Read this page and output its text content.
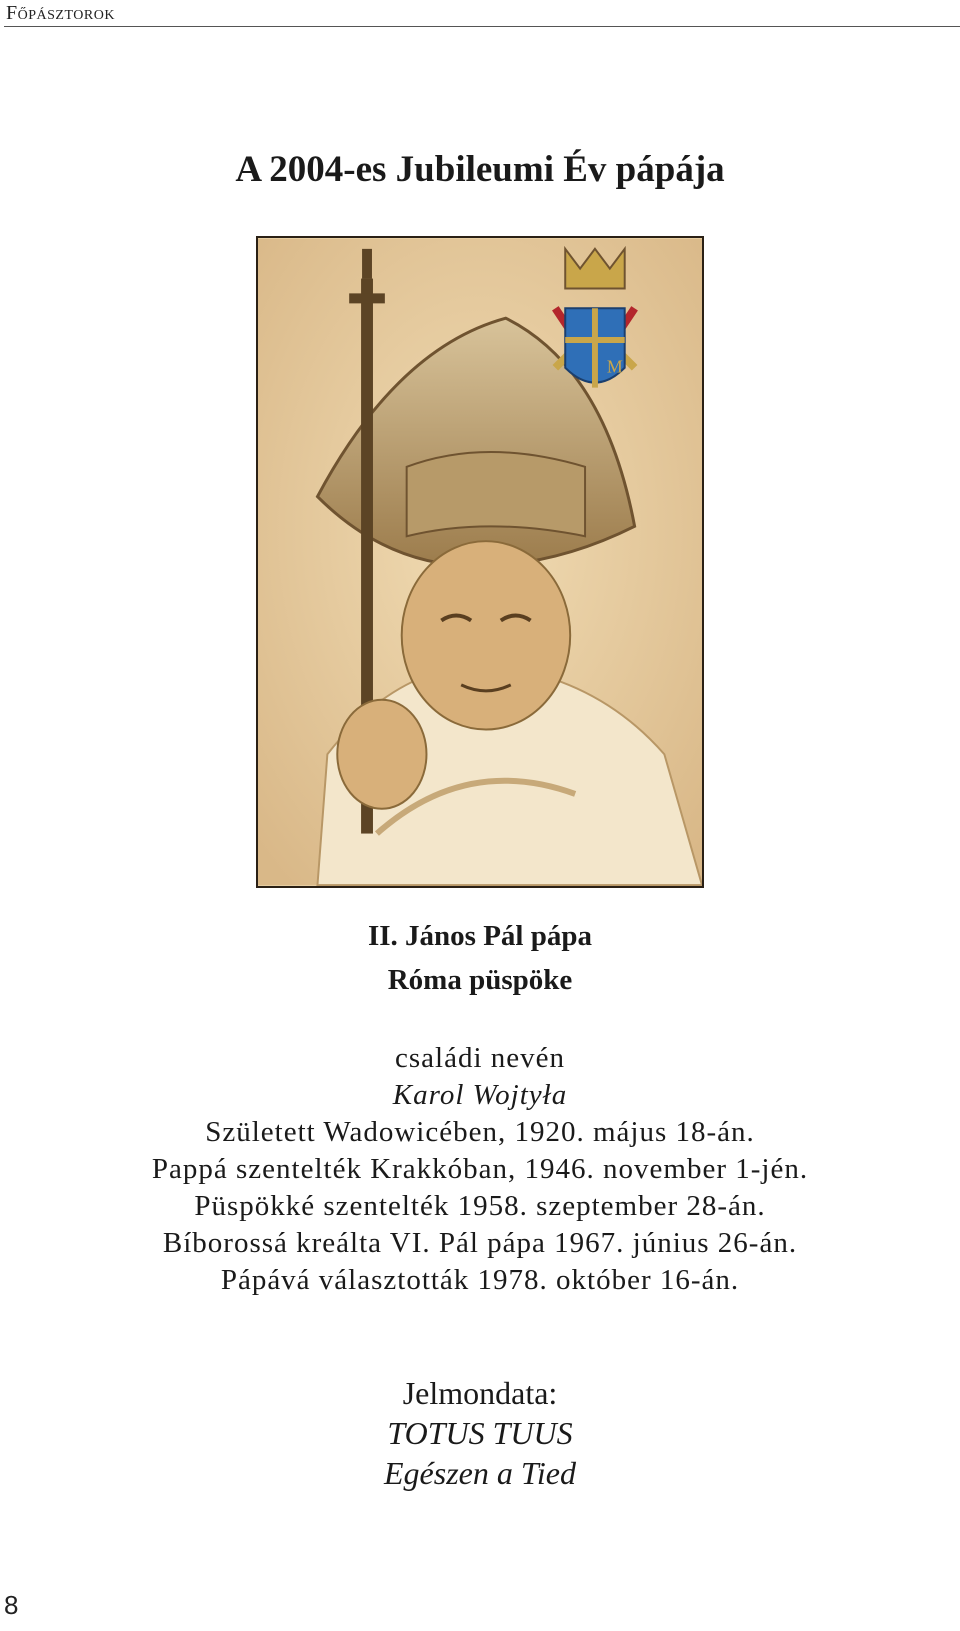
Főpásztorok
A 2004-es Jubileumi Év pápája
M
II. János Pál pápa
Róma püspöke
családi nevén
Karol Wojtyła
Született Wadowicében, 1920. május 18-án.
Pappá szentelték Krakkóban, 1946. november 1-jén.
Püspökké szentelték 1958. szeptember 28-án.
Bíborossá kreálta VI. Pál pápa 1967. június 26-án.
Pápává választották 1978. október 16-án.
Jelmondata:
TOTUS TUUS
Egészen a Tied
8
